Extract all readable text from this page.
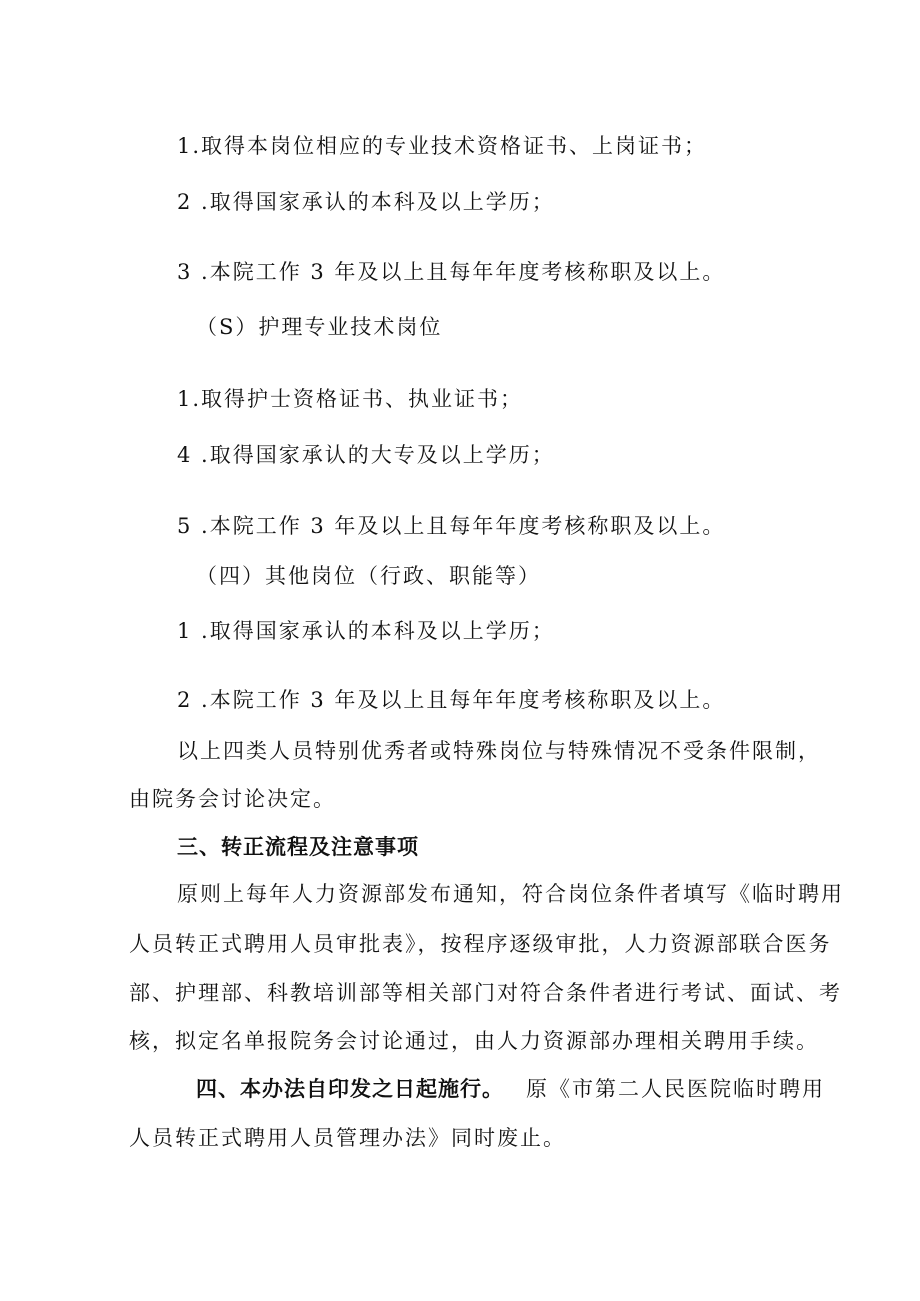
1.取得本岗位相应的专业技术资格证书、上岗证书；
2 .取得国家承认的本科及以上学历；
3 .本院工作 3 年及以上且每年年度考核称职及以上。
（S）护理专业技术岗位
1.取得护士资格证书、执业证书；
4 .取得国家承认的大专及以上学历；
5 .本院工作 3 年及以上且每年年度考核称职及以上。
（四）其他岗位（行政、职能等）
1 .取得国家承认的本科及以上学历；
2 .本院工作 3 年及以上且每年年度考核称职及以上。
以上四类人员特别优秀者或特殊岗位与特殊情况不受条件限制，
由院务会讨论决定。
三、转正流程及注意事项
原则上每年人力资源部发布通知，符合岗位条件者填写《临时聘用
人员转正式聘用人员审批表》，按程序逐级审批，人力资源部联合医务
部、护理部、科教培训部等相关部门对符合条件者进行考试、面试、考
核，拟定名单报院务会讨论通过，由人力资源部办理相关聘用手续。
四、本办法自印发之日起施行。 原《市第二人民医院临时聘用
人员转正式聘用人员管理办法》同时废止。
